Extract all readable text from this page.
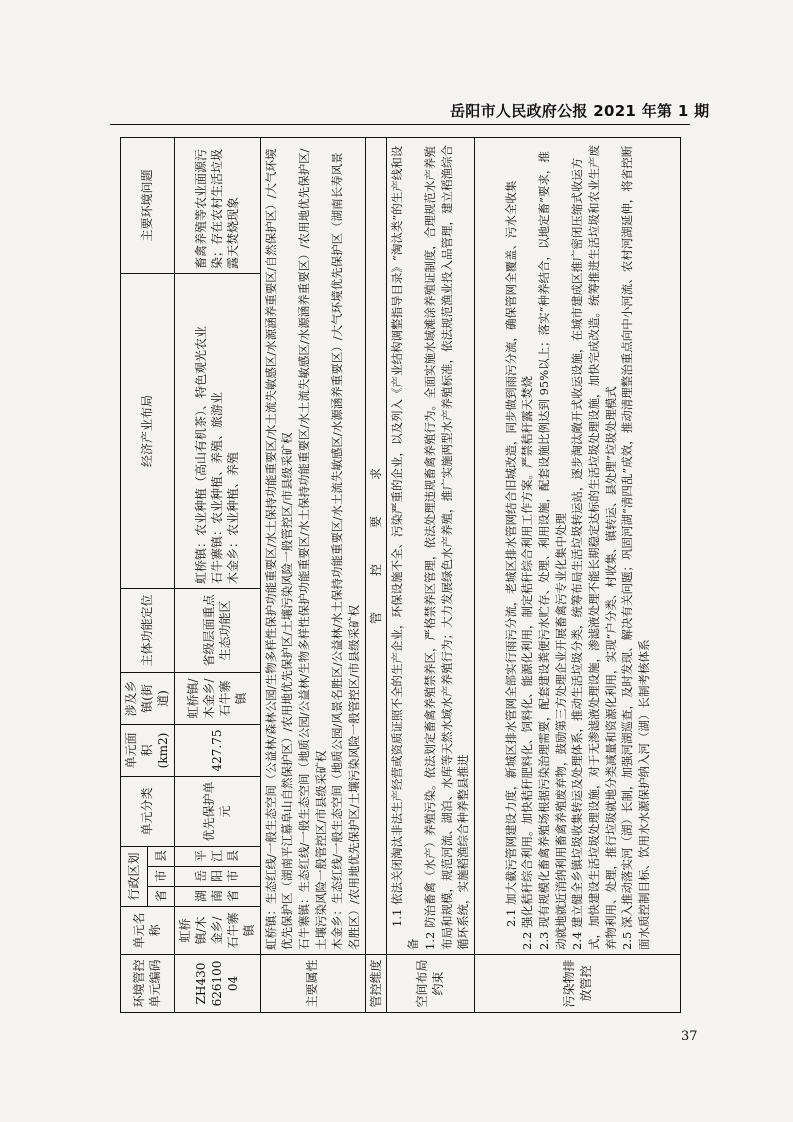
岳阳市人民政府公报 2021 年第 1 期
环境管控单元编码	单元名称	行政区划			单元分类	单元面积(km2)	涉及乡镇(街道)	主体功能定位	经济产业布局	主要环境问题
		省	市	县						
ZH43062610004	虹桥镇/木金乡/石牛寨镇	湖南省	岳阳市	平江县	优先保护单元	427.75	虹桥镇/木金乡/石牛寨镇	省级层面重点生态功能区	虹桥镇：农业种植（高山有机茶）、特色观光农业
石牛寨镇：农业种植、养殖、旅游业
木金乡：农业种植、养殖	畜禽养殖等农业面源污染；存在农村生活垃圾露天焚烧现象
主要属性	虹桥镇：生态红线/一般生态空间（公益林/森林公园/生物多样性保护功能重要区/水土保持功能重要区/水土流失敏感区/水源涵养重要区/自然保护区）/大气环境优先保护区（湖南平江幕阜山自然保护区）/农用地优先保护区/土壤污染风险一般管控区/市县级采矿权
石牛寨镇：生态红线/一般生态空间（地质公园/公益林/生物多样性保护功能重要区/水土保持功能重要区/水土流失敏感区/水源涵养重要区）/农用地优先保护区/土壤污染风险一般管控区/市县级采矿权
木金乡：生态红线/一般生态空间（地质公园/风景名胜区/公益林/水土保持功能重要区/水土流失敏感区/水源涵养重要区）/大气环境优先保护区（湖南长寿风景名胜区）/农用地优先保护区/土壤污染风险一般管控区/市县级采矿权									
管控维度	管　　　控　　　要　　　求									
空间布局约束	1.1 依法关闭淘汰非法生产经营或资质证照不全的生产企业，环保设施不全、污染严重的企业，以及列入《产业结构调整指导目录》“淘汰类”的生产线和设备
1.2 防治畜禽（水产）养殖污染。依法划定畜禽养殖禁养区，严格禁养区管理，依法处理违规畜禽养殖行为。全面实施水域滩涂养殖证制度，合理规范水产养殖布局和规模，规范河流、湖泊、水库等天然水域水产养殖行为；大力发展绿色水产养殖，推广实施两型水产养殖标准，依法规范渔业投入品管理，建立稻渔综合循环系统，实施稻渔综合种养整县推进									

污染物排放管控	2.1 加大截污管网建设力度，新城区排水管网全部实行雨污分流，老城区排水管网结合旧城改造，同步做到雨污分流，确保管网全覆盖、污水全收集
2.2 强化秸秆综合利用。加快秸秆肥料化、饲料化、能源化利用，制定秸秆综合利用工作方案。严禁秸秆露天焚烧
2.3 现有规模化畜禽养殖场根据污染治理需要，配套建设粪便污水贮存、处理、利用设施，配套设施比例达到 95%以上；落实“种养结合，以地定畜”要求，推动就地就近消纳利用畜禽养殖废弃物，鼓励第三方处理企业开展畜禽污专业化集中处理
2.4 建立健全乡镇垃圾收集转运及处理体系，推动生活垃圾分类，统筹布局生活垃圾转运站，逐步淘汰敞开式收运设施，在城市建成区推广密闭压缩式收运方式，加快建设生活垃圾处理设施，对于无渗滤液处理设施，渗滤液处理不能长期稳定达标的生活垃圾处理设施，加快完成改造。统筹推进生活垃圾和农业生产废弃物利用、处理，推行垃圾就地分类减量和资源化利用，实现“户分类、村收集、镇转运、县处理”垃圾处理模式
2.5 深入推动落实河（湖）长制，加强河湖巡查，及时发现、解决有关问题；巩固河湖“清四乱”成效，推动清理整治重点向中小河流、农村河湖延伸，将省控断面水质控制目标、饮用水水源保护纳入河（湖）长制考核体系									
37
